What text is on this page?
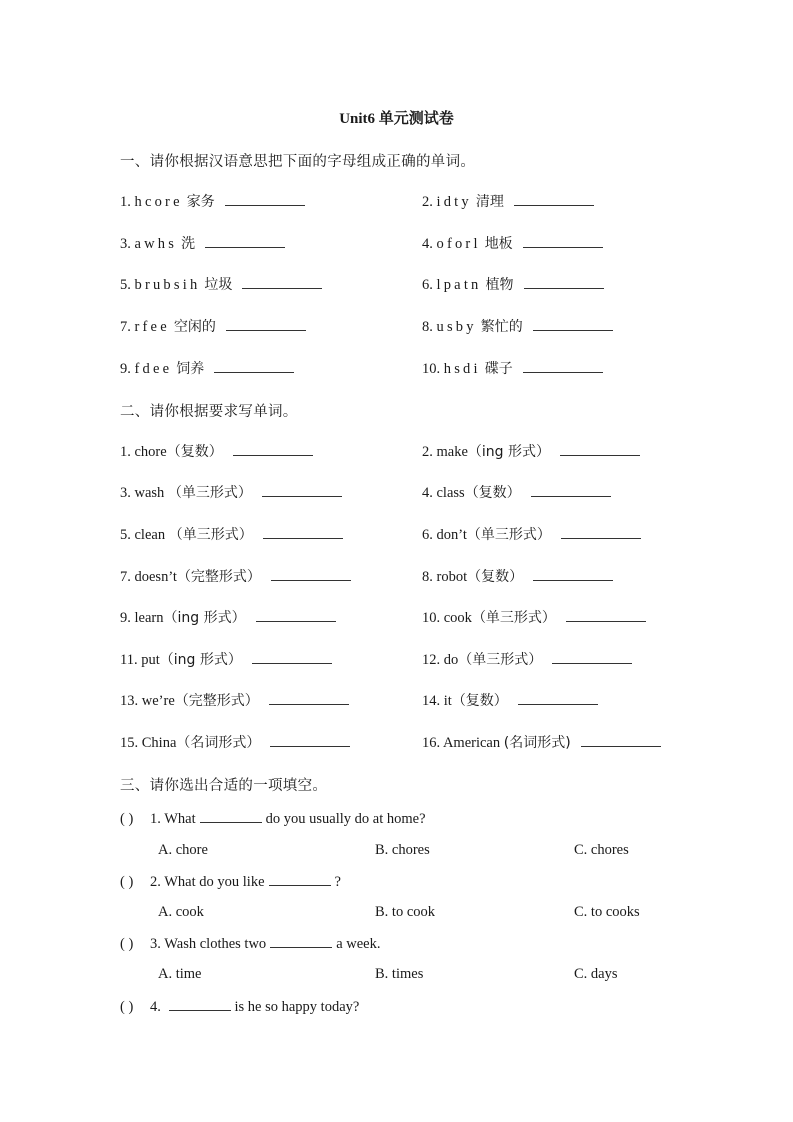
Unit6 单元测试卷
一、请你根据汉语意思把下面的字母组成正确的单词。
1. hcore 家务	2. idty 清理
3. awhs 洗	4. oforl 地板
5. brubsih 垃圾	6. lpatn 植物
7. rfee 空闲的	8. usby 繁忙的
9. fdee 饲养	10. hsdi 碟子
二、请你根据要求写单词。
1. chore（复数）	2. make（ing 形式）
3. wash （单三形式）	4. class（复数）
5. clean （单三形式）	6. don’t（单三形式）
7. doesn’t（完整形式）	8. robot（复数）
9. learn（ing 形式）	10. cook（单三形式）
11. put（ing 形式）	12. do（单三形式）
13. we’re（完整形式）	14. it（复数）
15. China（名词形式）	16. American (名词形式)
三、请你选出合适的一项填空。
( ) 1. What	do you usually do at home?
A. chore	B. chores	C. chores
( ) 2. What do you like	?
A. cook	B. to cook	C. to cooks
( ) 3. Wash clothes two	a week.
A. time	B. times	C. days
( ) 4.	is he so happy today?
